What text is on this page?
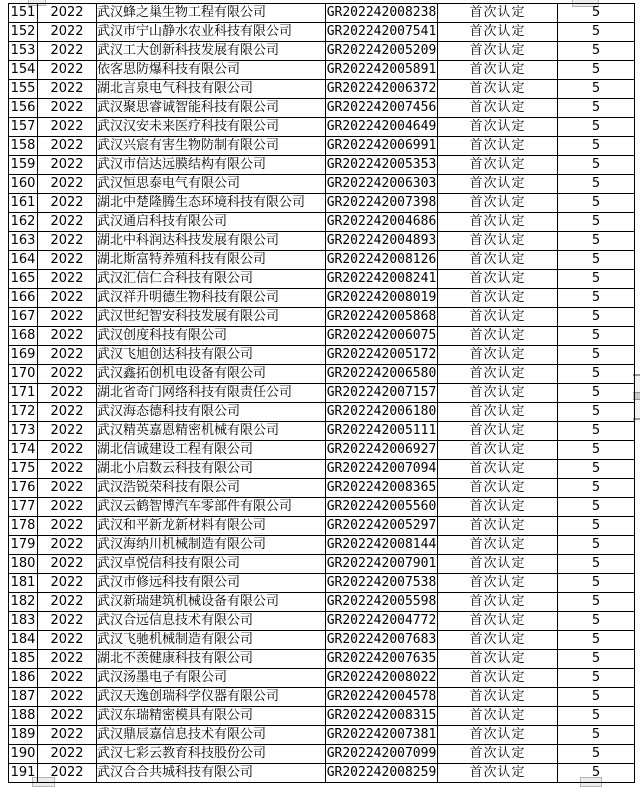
151	2022	武汉蜂之巢生物工程有限公司	GR202242008238	首次认定	5
152	2022	武汉市宁山静水农业科技有限公司	GR202242007541	首次认定	5
153	2022	武汉工大创新科技发展有限公司	GR202242005209	首次认定	5
154	2022	依客思防爆科技有限公司	GR202242005891	首次认定	5
155	2022	湖北言泉电气科技有限公司	GR202242006372	首次认定	5
156	2022	武汉聚思睿诚智能科技有限公司	GR202242007456	首次认定	5
157	2022	武汉汉安未来医疗科技有限公司	GR202242004649	首次认定	5
158	2022	武汉兴宸有害生物防制有限公司	GR202242006991	首次认定	5
159	2022	武汉市信达远膜结构有限公司	GR202242005353	首次认定	5
160	2022	武汉恒思泰电气有限公司	GR202242006303	首次认定	5
161	2022	湖北中楚隆腾生态环境科技有限公司	GR202242007398	首次认定	5
162	2022	武汉通启科技有限公司	GR202242004686	首次认定	5
163	2022	湖北中科润达科技发展有限公司	GR202242004893	首次认定	5
164	2022	湖北斯富特养殖科技有限公司	GR202242008126	首次认定	5
165	2022	武汉汇信仁合科技有限公司	GR202242008241	首次认定	5
166	2022	武汉祥升明德生物科技有限公司	GR202242008019	首次认定	5
167	2022	武汉世纪智安科技发展有限公司	GR202242005868	首次认定	5
168	2022	武汉创度科技有限公司	GR202242006075	首次认定	5
169	2022	武汉飞旭创达科技有限公司	GR202242005172	首次认定	5
170	2022	武汉鑫拓创机电设备有限公司	GR202242006580	首次认定	5
171	2022	湖北省奇门网络科技有限责任公司	GR202242007157	首次认定	5
172	2022	武汉海态德科技有限公司	GR202242006180	首次认定	5
173	2022	武汉精英嘉恩精密机械有限公司	GR202242005111	首次认定	5
174	2022	湖北信诚建设工程有限公司	GR202242006927	首次认定	5
175	2022	湖北小启数云科技有限公司	GR202242007094	首次认定	5
176	2022	武汉浩锐荣科技有限公司	GR202242008365	首次认定	5
177	2022	武汉云鹤智博汽车零部件有限公司	GR202242005560	首次认定	5
178	2022	武汉和平新龙新材料有限公司	GR202242005297	首次认定	5
179	2022	武汉海纳川机械制造有限公司	GR202242008144	首次认定	5
180	2022	武汉卓悦信科技有限公司	GR202242007901	首次认定	5
181	2022	武汉市修远科技有限公司	GR202242007538	首次认定	5
182	2022	武汉新瑞建筑机械设备有限公司	GR202242005598	首次认定	5
183	2022	武汉合远信息技术有限公司	GR202242004772	首次认定	5
184	2022	武汉飞驰机械制造有限公司	GR202242007683	首次认定	5
185	2022	湖北不羡健康科技有限公司	GR202242007635	首次认定	5
186	2022	武汉汤墨电子有限公司	GR202242008022	首次认定	5
187	2022	武汉天逸创瑞科学仪器有限公司	GR202242004578	首次认定	5
188	2022	武汉东瑞精密模具有限公司	GR202242008315	首次认定	5
189	2022	武汉鼎辰嘉信息技术有限公司	GR202242007381	首次认定	5
190	2022	武汉七彩云教育科技股份公司	GR202242007099	首次认定	5
191	2022	武汉合合共城科技有限公司	GR202242008259	首次认定	5
